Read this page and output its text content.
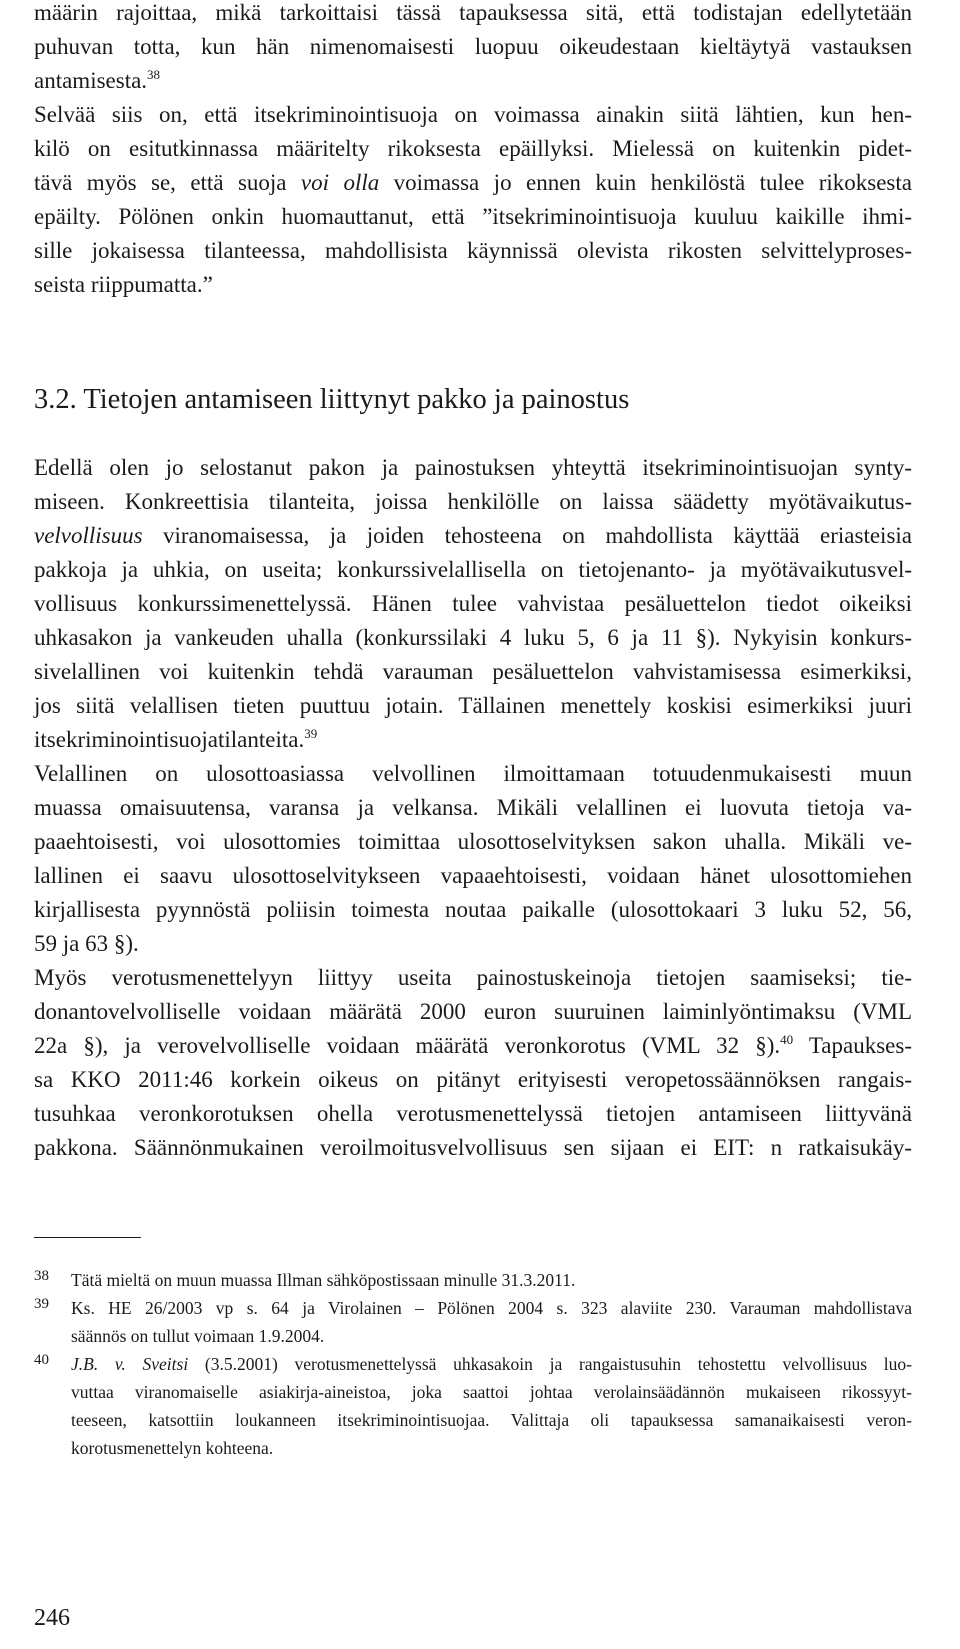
määrin rajoittaa, mikä tarkoittaisi tässä tapauksessa sitä, että todistajan edellytetään
puhuvan totta, kun hän nimenomaisesti luopuu oikeudestaan kieltäytyä vastauksen
antamisesta.$^{38}$
Selvää siis on, että itsekriminointisuoja on voimassa ainakin siitä lähtien, kun hen-
kilö on esitutkinnassa määritelty rikoksesta epäillyksi. Mielessä on kuitenkin pidet-
tävä myös se, että suoja voi olla voimassa jo ennen kuin henkilöstä tulee rikoksesta
epäilty. Pölönen onkin huomauttanut, että ”itsekriminointisuoja kuuluu kaikille ihmi-
sille jokaisessa tilanteessa, mahdollisista käynnissä olevista rikosten selvittelyproses-
seista riippumatta.”
3.2. Tietojen antamiseen liittynyt pakko ja painostus
Edellä olen jo selostanut pakon ja painostuksen yhteyttä itsekriminointisuojan synty-
miseen. Konkreettisia tilanteita, joissa henkilölle on laissa säädetty myötävaikutus-
velvollisuus viranomaisessa, ja joiden tehosteena on mahdollista käyttää eriasteisia
pakkoja ja uhkia, on useita; konkurssivelallisella on tietojenanto- ja myötävaikutusvel-
vollisuus konkurssimenettelyssä. Hänen tulee vahvistaa pesäluettelon tiedot oikeiksi
uhkasakon ja vankeuden uhalla (konkurssilaki 4 luku 5, 6 ja 11 §). Nykyisin konkurs-
sivelallinen voi kuitenkin tehdä varauman pesäluettelon vahvistamisessa esimerkiksi,
jos siitä velallisen tieten puuttuu jotain. Tällainen menettely koskisi esimerkiksi juuri
itsekriminointisuojatilanteita.$^{39}$
Velallinen on ulosottoasiassa velvollinen ilmoittamaan totuudenmukaisesti muun
muassa omaisuutensa, varansa ja velkansa. Mikäli velallinen ei luovuta tietoja va-
paaehtoisesti, voi ulosottomies toimittaa ulosottoselvityksen sakon uhalla. Mikäli ve-
lallinen ei saavu ulosottoselvitykseen vapaaehtoisesti, voidaan hänet ulosottomiehen
kirjallisesta pyynnöstä poliisin toimesta noutaa paikalle (ulosottokaari 3 luku 52, 56,
59 ja 63 §).
Myös verotusmenettelyyn liittyy useita painostuskeinoja tietojen saamiseksi; tie-
donantovelvolliselle voidaan määrätä 2000 euron suuruinen laiminlyöntimaksu (VML
22a §), ja verovelvolliselle voidaan määrätä veronkorotus (VML 32 §).$^{40}$ Tapaukses-
sa KKO 2011:46 korkein oikeus on pitänyt erityisesti veropetossäännöksen rangais-
tusuhkaa veronkorotuksen ohella verotusmenettelyssä tietojen antamiseen liittyvänä
pakkona. Säännönmukainen veroilmoitusvelvollisuus sen sijaan ei EIT: n ratkaisukäy-
38 Tätä mieltä on muun muassa Illman sähköpostissaan minulle 31.3.2011.
39 Ks. HE 26/2003 vp s. 64 ja Virolainen – Pölönen 2004 s. 323 alaviite 230. Varauman mahdollistava
säännös on tullut voimaan 1.9.2004.
40 J.B. v. Sveitsi (3.5.2001) verotusmenettelyssä uhkasakoin ja rangaistusuhin tehostettu velvollisuus luo-
vuttaa viranomaiselle asiakirja-aineistoa, joka saattoi johtaa verolainsäädännön mukaiseen rikossyyt-
teeseen, katsottiin loukanneen itsekriminointisuojaa. Valittaja oli tapauksessa samanaikaisesti veron-
korotusmenettelyn kohteena.
246
